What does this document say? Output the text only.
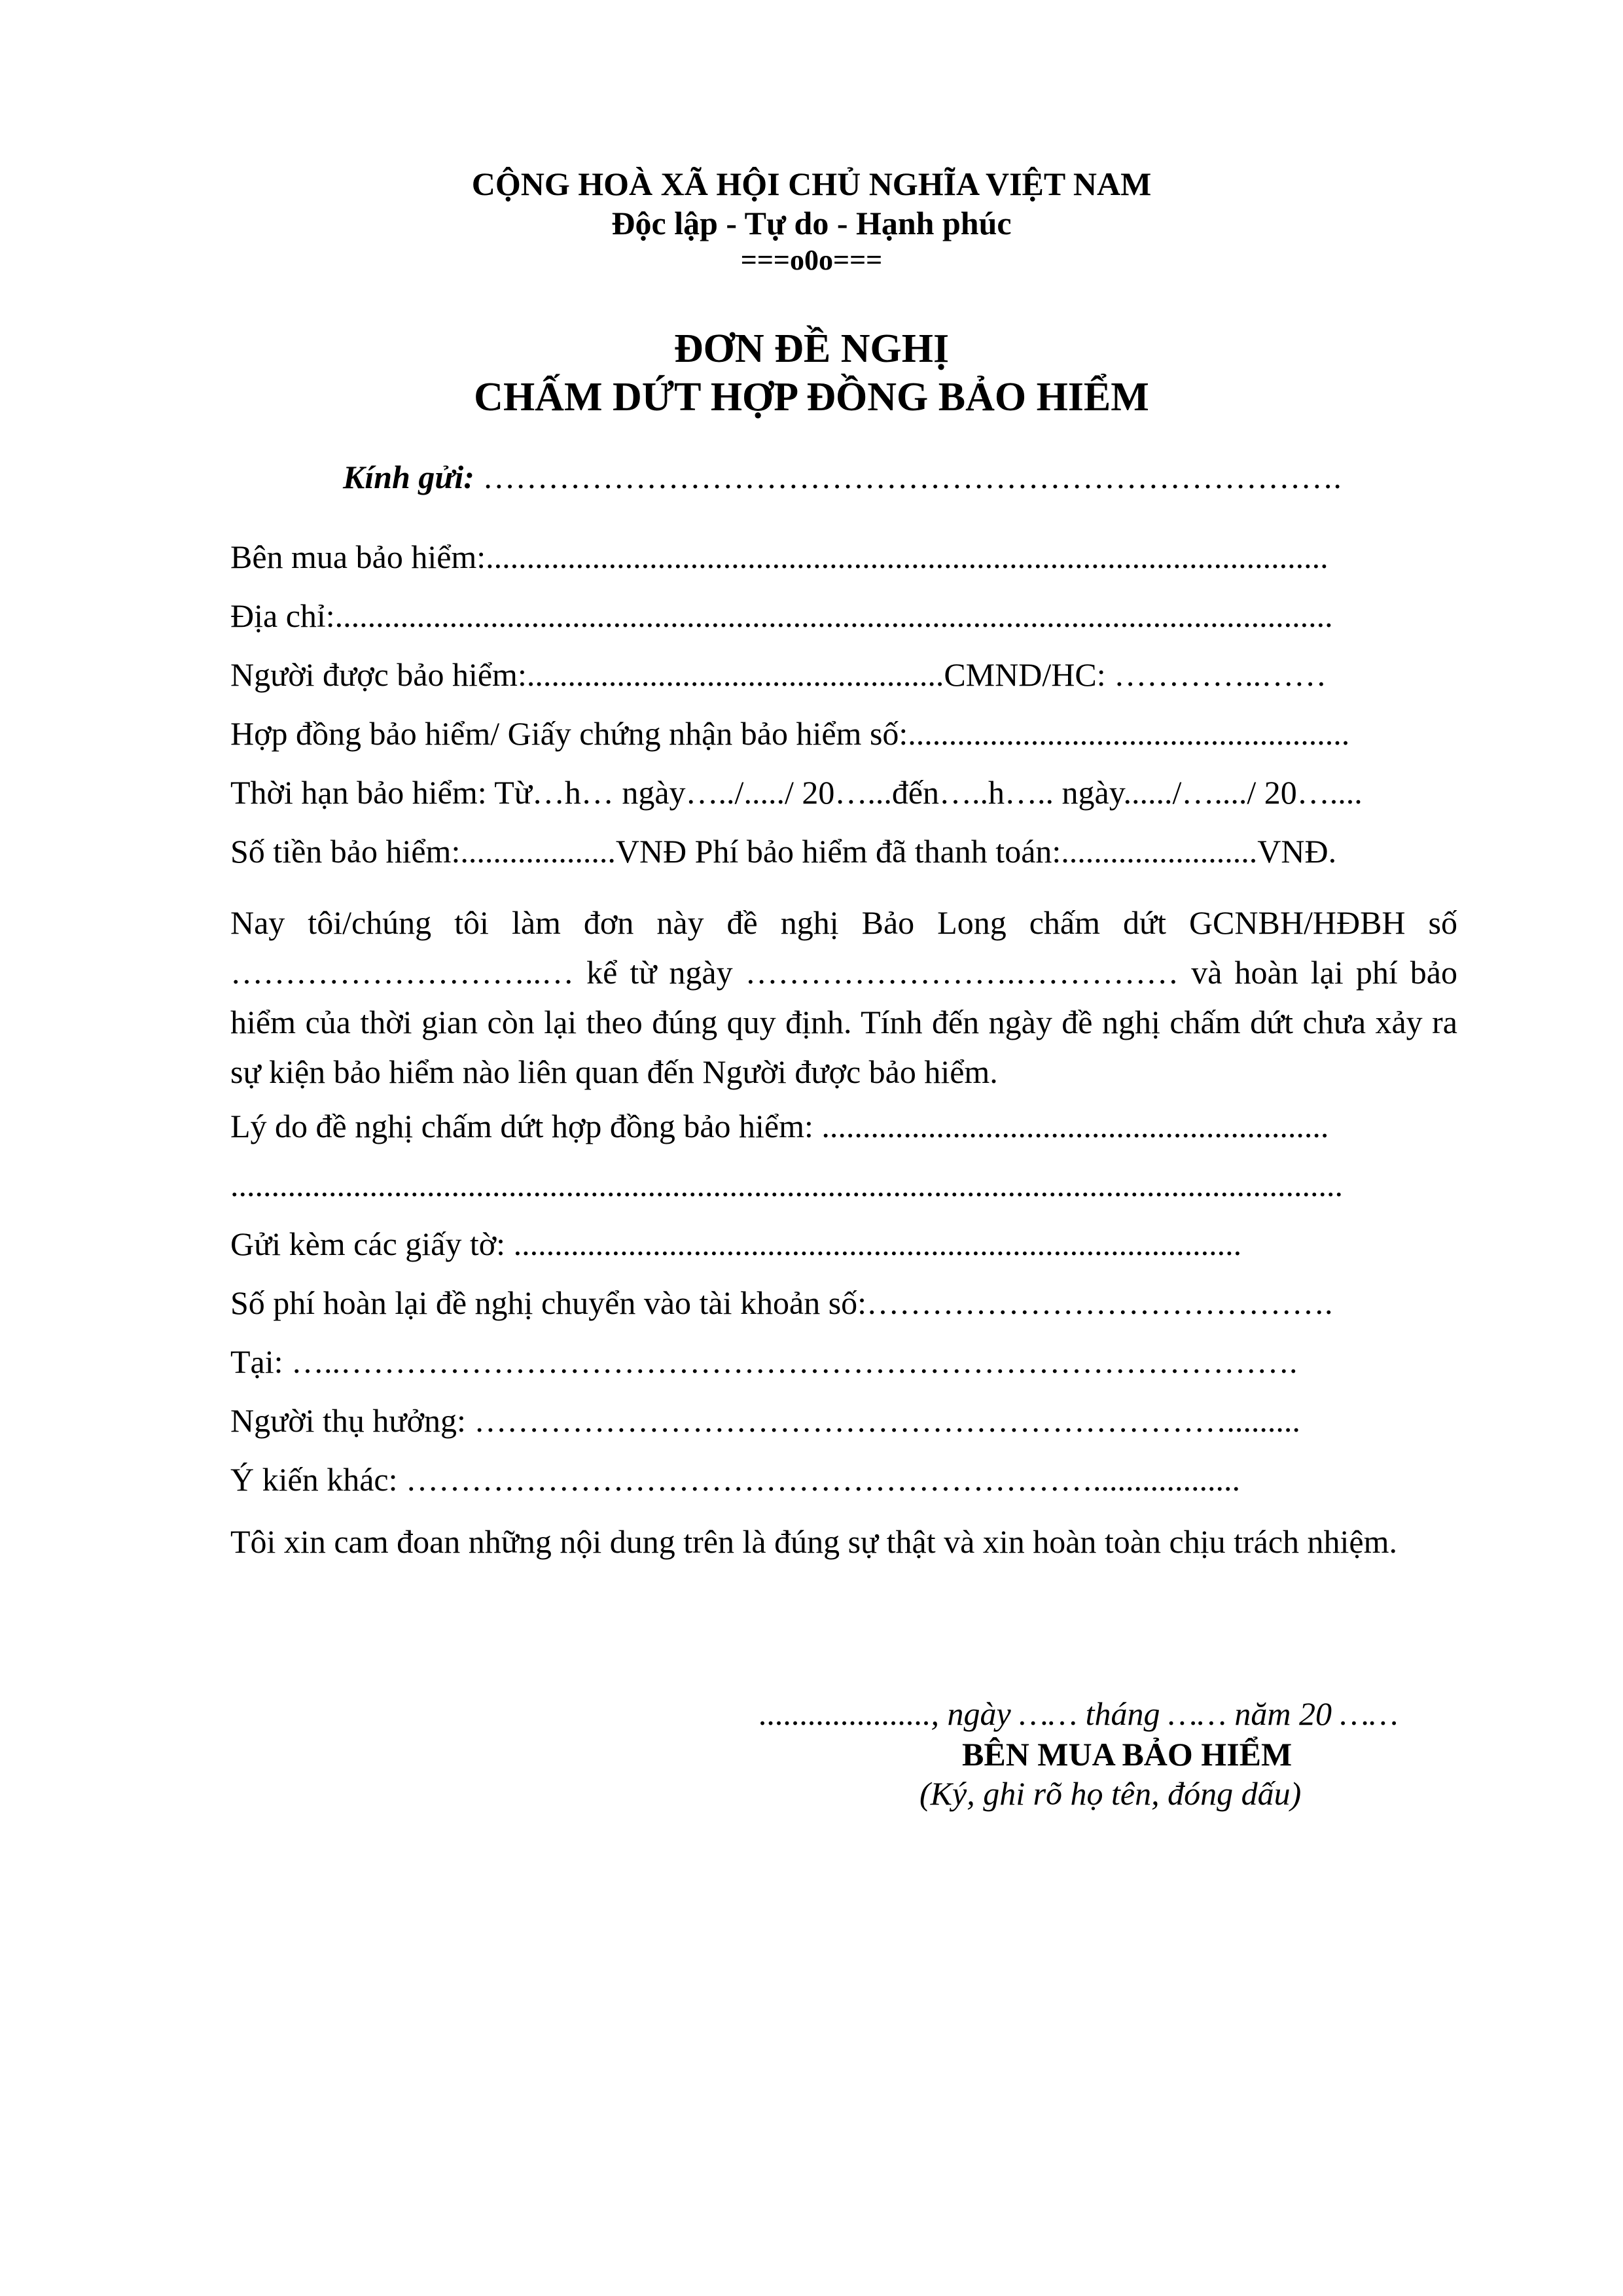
CỘNG HOÀ XÃ HỘI CHỦ NGHĨA VIỆT NAM
Độc lập - Tự do - Hạnh phúc
===o0o===
ĐƠN ĐỀ NGHỊ
CHẤM DỨT HỢP ĐỒNG BẢO HIỂM
Kính gửi: …………………………………………………………………….
Bên mua bảo hiểm:.......................................................................................................
Địa chỉ:..........................................................................................................................
Người được bảo hiểm:...................................................CMND/HC: …………..……
Hợp đồng bảo hiểm/ Giấy chứng nhận bảo hiểm số:......................................................
Thời hạn bảo hiểm: Từ…h… ngày…../...../ 20…...đến…..h….. ngày....../…..../ 20…....
Số tiền bảo hiểm:...................VNĐ Phí bảo hiểm đã thanh toán:........................VNĐ.
Nay tôi/chúng tôi làm đơn này đề nghị Bảo Long chấm dứt GCNBH/HĐBH số ………………………..… kể từ ngày …………………….…………… và hoàn lại phí bảo hiểm của thời gian còn lại theo đúng quy định. Tính đến ngày đề nghị chấm dứt chưa xảy ra sự kiện bảo hiểm nào liên quan đến Người được bảo hiểm.
Lý do đề nghị chấm dứt hợp đồng bảo hiểm: ..............................................................
........................................................................................................................................
Gửi kèm các giấy tờ: .........................................................................................
Số phí hoàn lại đề nghị chuyển vào tài khoản số:…………………………………….
Tại: …..…………………………………………………………………………….
Người thụ hưởng: …………………………………………………………….........
Ý kiến khác: ………………………………………………………..................
Tôi xin cam đoan những nội dung trên là đúng sự thật và xin hoàn toàn chịu trách nhiệm.
....................., ngày …… tháng …… năm 20 ……
BÊN MUA BẢO HIỂM
(Ký, ghi rõ họ tên, đóng dấu)
